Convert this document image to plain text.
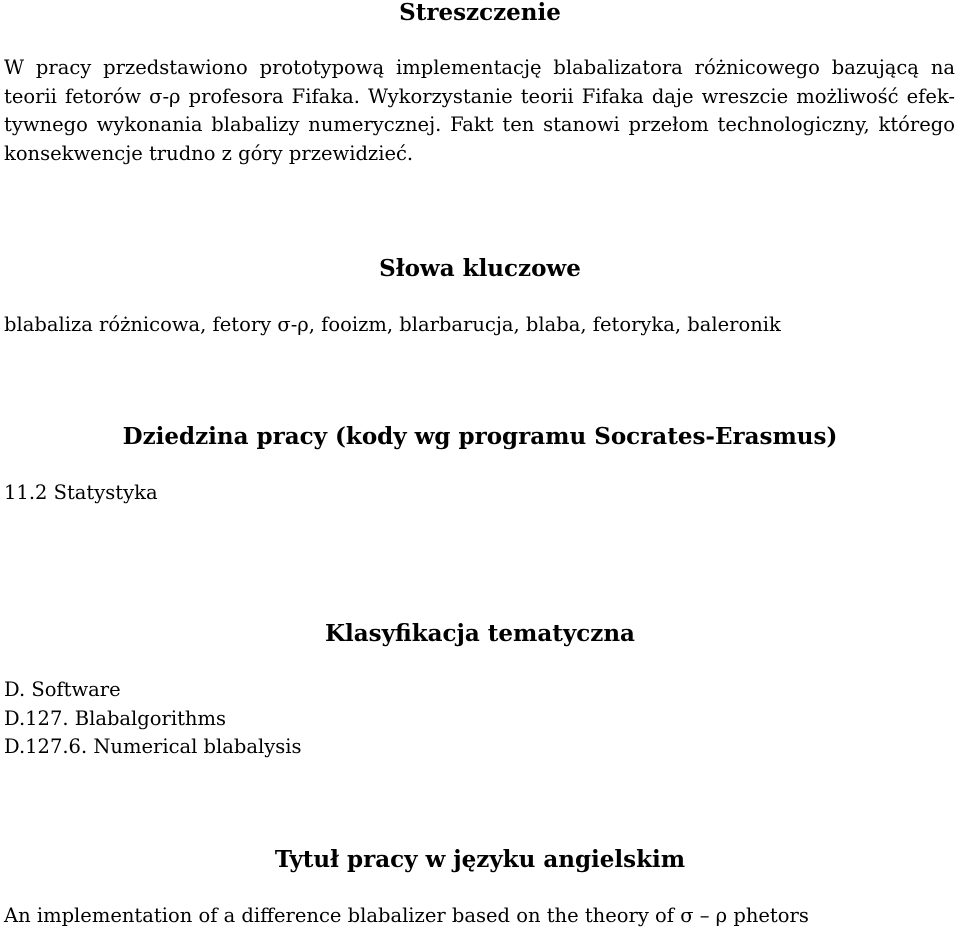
Streszczenie
W pracy przedstawiono prototypową implementację blabalizatora różnicowego bazującą na
teorii fetorów σ-ρ profesora Fifaka. Wykorzystanie teorii Fifaka daje wreszcie możliwość efek-
tywnego wykonania blabalizy numerycznej. Fakt ten stanowi przełom technologiczny, którego
konsekwencje trudno z góry przewidzieć.
Słowa kluczowe
blabaliza różnicowa, fetory σ-ρ, fooizm, blarbarucja, blaba, fetoryka, baleronik
Dziedzina pracy (kody wg programu Socrates-Erasmus)
11.2 Statystyka
Klasyfikacja tematyczna
D. Software
D.127. Blabalgorithms
D.127.6. Numerical blabalysis
Tytuł pracy w języku angielskim
An implementation of a difference blabalizer based on the theory of σ – ρ phetors
